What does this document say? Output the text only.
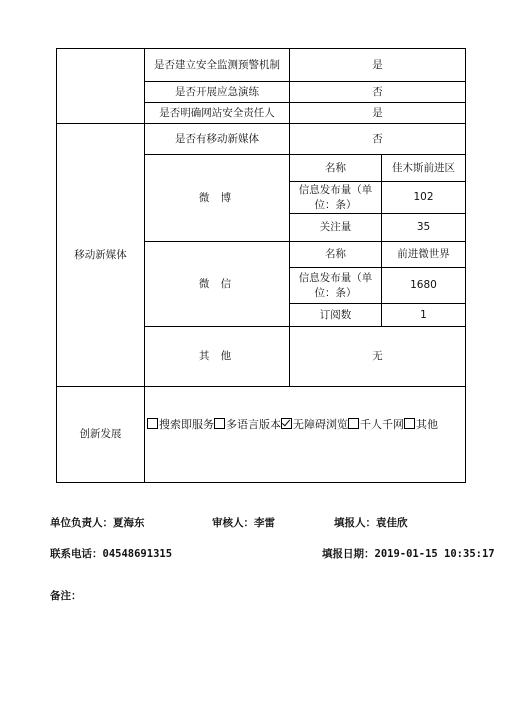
	是否建立安全监测预警机制	是	
	是否开展应急演练	否	
	是否明确网站安全责任人	是	
移动新媒体	是否有移动新媒体	否	
	微 博	名称	佳木斯前进区
		信息发布量（单位：条）	102
		关注量	35
	微 信	名称	前进微世界
		信息发布量（单位：条）	1680
		订阅数	1
	其 他	无	
创新发展	搜索即服务 多语言版本 无障碍浏览 千人千网 其他		
单位负责人：夏海东	审核人：李雷	填报人：袁佳欣
联系电话：04548691315	填报日期：2019-01-15 10:35:17
备注：
